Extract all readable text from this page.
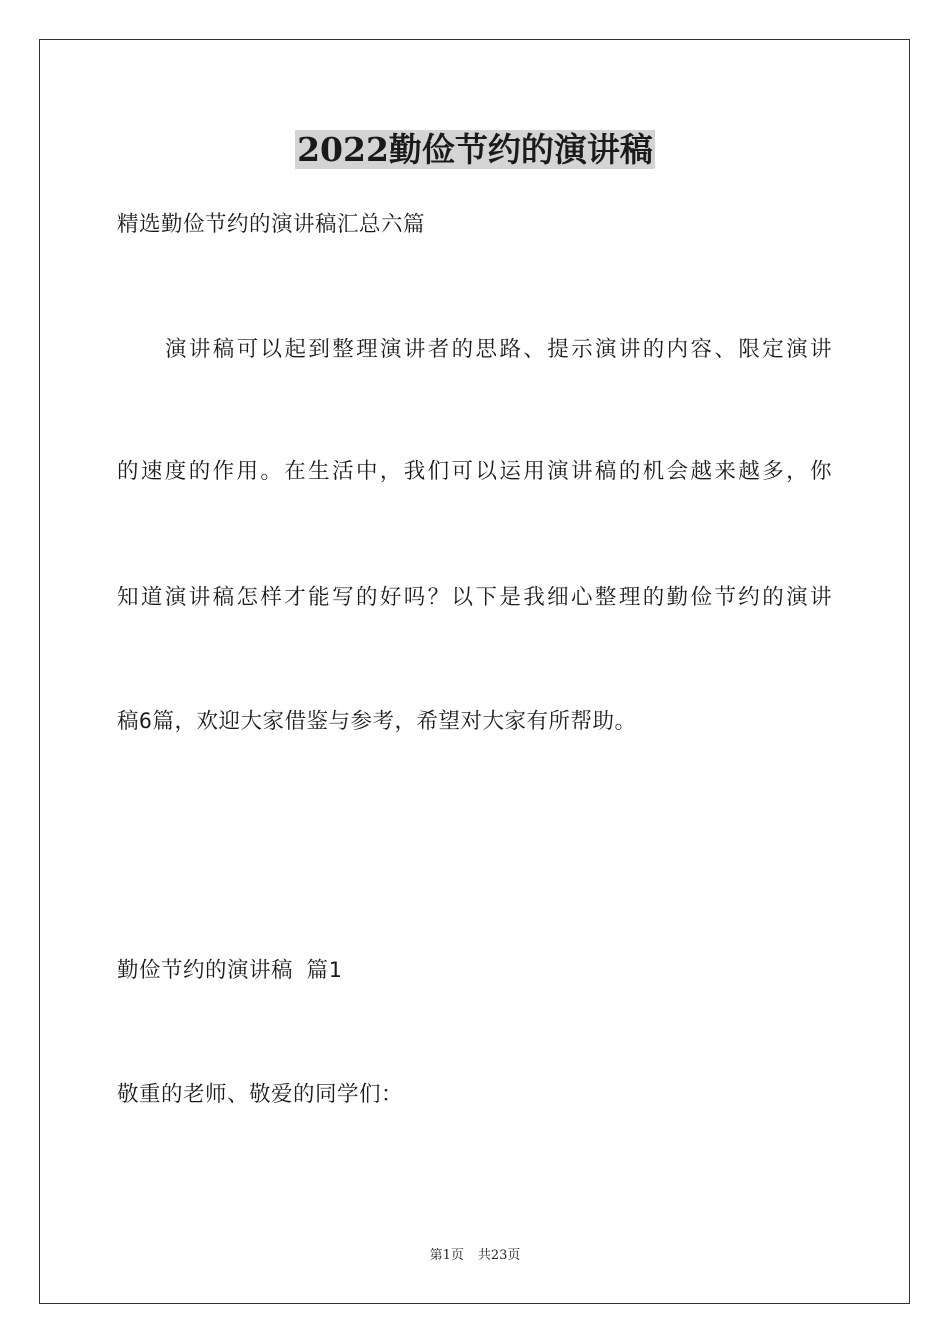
2022勤俭节约的演讲稿
精选勤俭节约的演讲稿汇总六篇
演讲稿可以起到整理演讲者的思路、提示演讲的内容、限定演讲
的速度的作用。在生活中，我们可以运用演讲稿的机会越来越多，你
知道演讲稿怎样才能写的好吗？以下是我细心整理的勤俭节约的演讲
稿6篇，欢迎大家借鉴与参考，希望对大家有所帮助。
勤俭节约的演讲稿 篇1
敬重的老师、敬爱的同学们：
第1页 共23页
